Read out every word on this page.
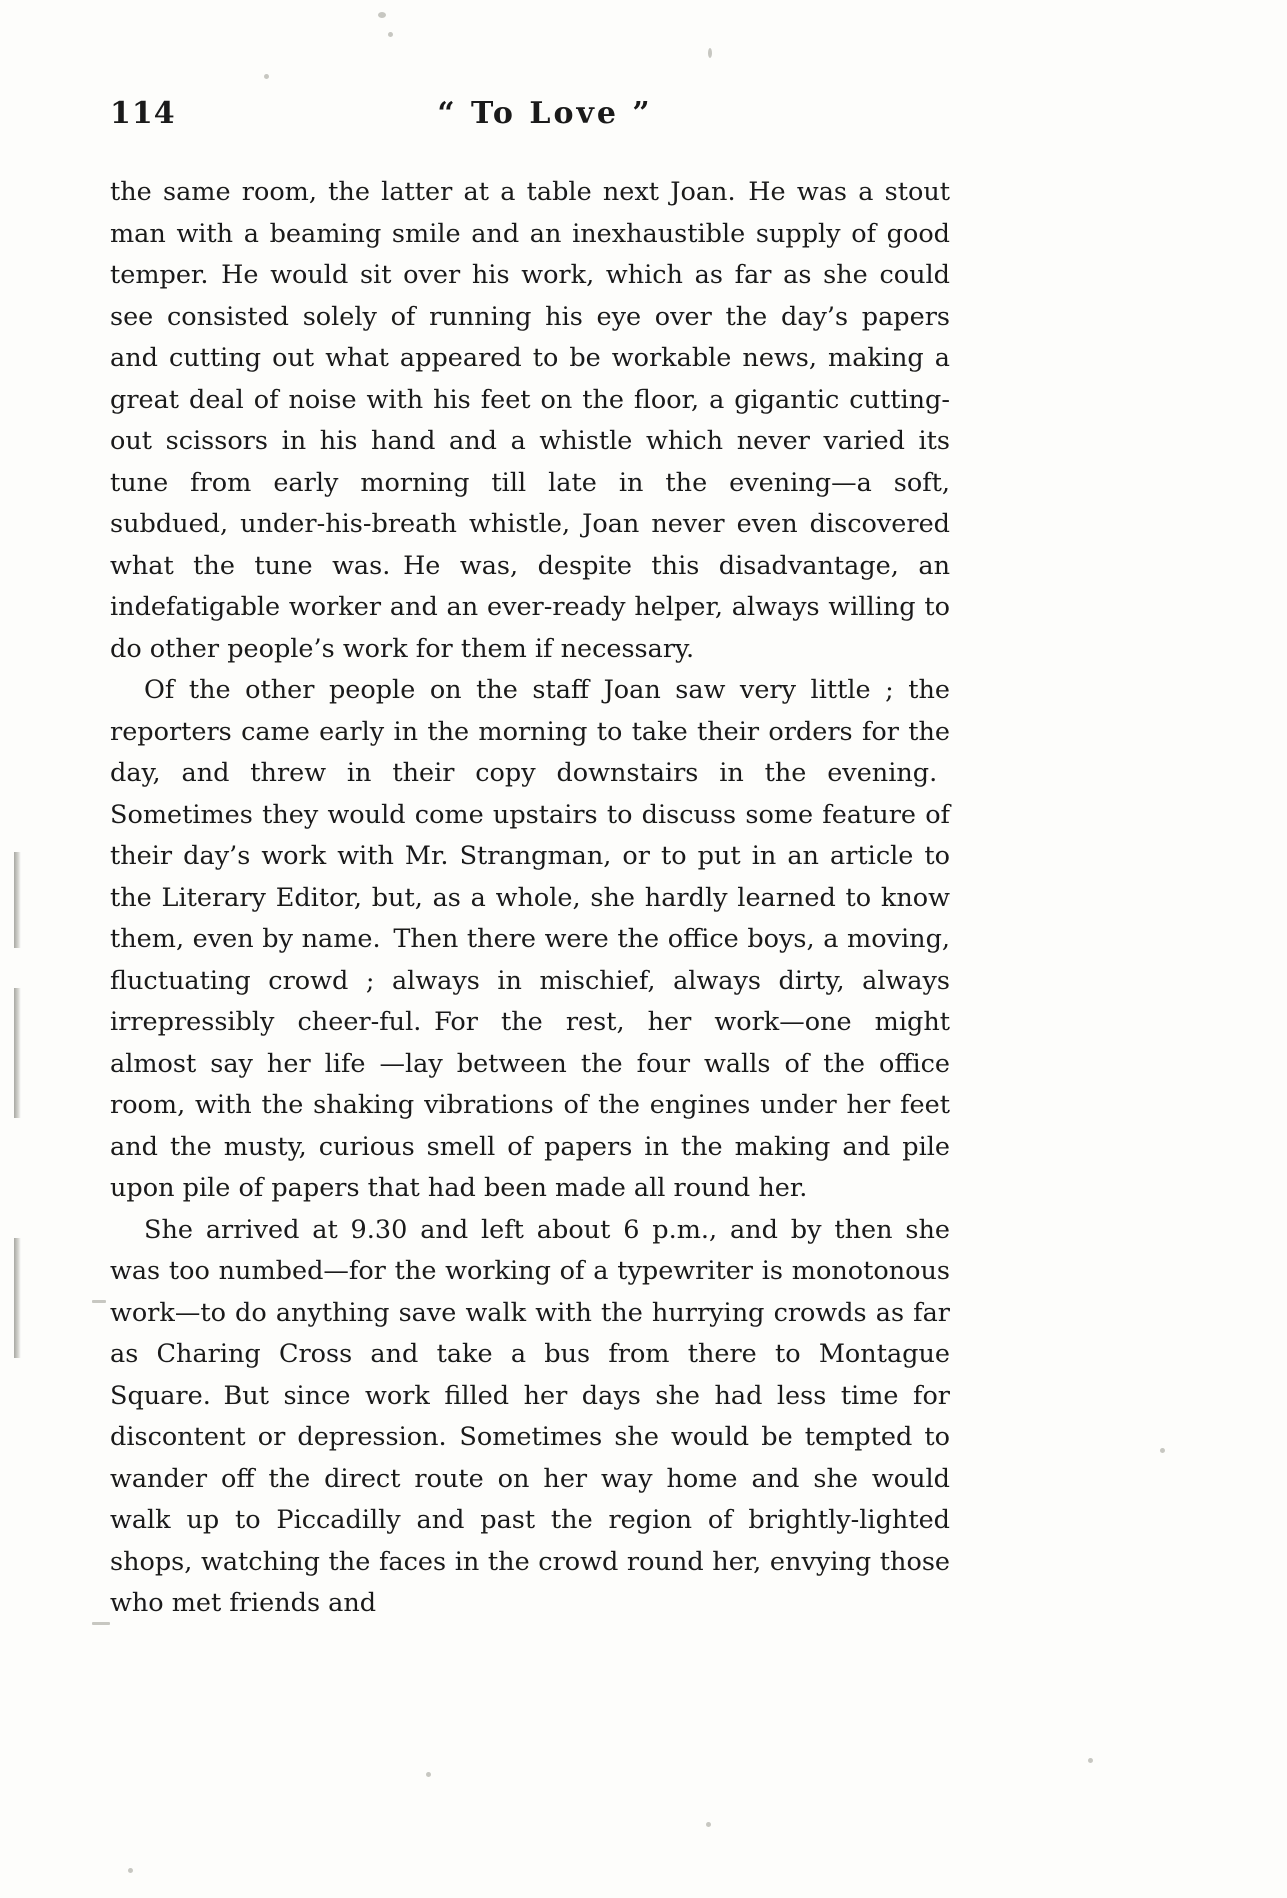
114	“ To Love ”

the same room, the latter at a table next Joan. He was a stout man with a beaming smile and an inexhaustible supply of good temper. He would sit over his work, which as far as she could see consisted solely of running his eye over the day’s papers and cutting out what appeared to be workable news, making a great deal of noise with his feet on the floor, a gigantic cutting-out scissors in his hand and a whistle which never varied its tune from early morning till late in the evening—a soft, subdued, under-his-breath whistle, Joan never even discovered what the tune was. He was, despite this disadvantage, an indefatigable worker and an ever-ready helper, always willing to do other people’s work for them if necessary.

Of the other people on the staff Joan saw very little ; the reporters came early in the morning to take their orders for the day, and threw in their copy downstairs in the evening. Sometimes they would come upstairs to discuss some feature of their day’s work with Mr. Strangman, or to put in an article to the Literary Editor, but, as a whole, she hardly learned to know them, even by name. Then there were the office boys, a moving, fluctuating crowd ; always in mischief, always dirty, always irrepressibly cheer-ful. For the rest, her work—one might almost say her life —lay between the four walls of the office room, with the shaking vibrations of the engines under her feet and the musty, curious smell of papers in the making and pile upon pile of papers that had been made all round her.

She arrived at 9.30 and left about 6 p.m., and by then she was too numbed—for the working of a typewriter is monotonous work—to do anything save walk with the hurrying crowds as far as Charing Cross and take a bus from there to Montague Square. But since work filled her days she had less time for discontent or depression. Sometimes she would be tempted to wander off the direct route on her way home and she would walk up to Piccadilly and past the region of brightly-lighted shops, watching the faces in the crowd round her, envying those who met friends and
